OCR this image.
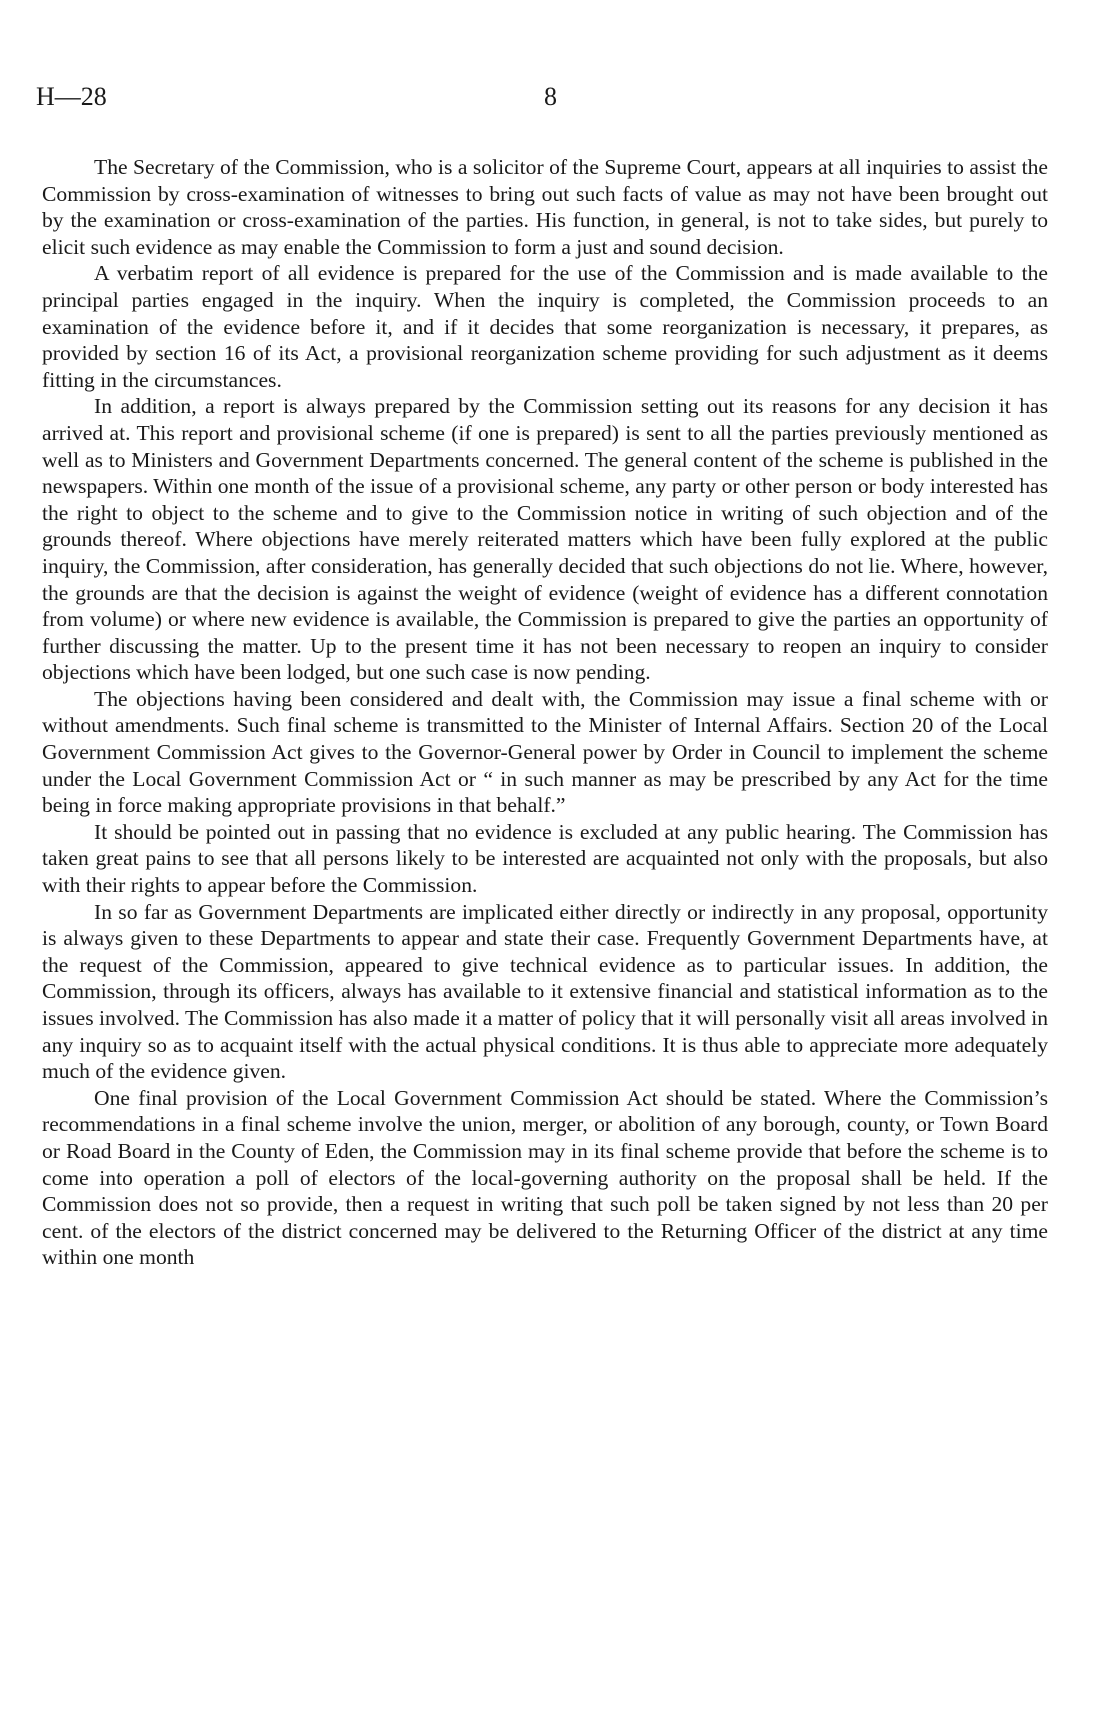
H—28	8

The Secretary of the Commission, who is a solicitor of the Supreme Court, appears at all inquiries to assist the Commission by cross-examination of witnesses to bring out such facts of value as may not have been brought out by the examination or cross-examination of the parties. His function, in general, is not to take sides, but purely to elicit such evidence as may enable the Commission to form a just and sound decision.

A verbatim report of all evidence is prepared for the use of the Commission and is made available to the principal parties engaged in the inquiry. When the inquiry is completed, the Commission proceeds to an examination of the evidence before it, and if it decides that some reorganization is necessary, it prepares, as provided by section 16 of its Act, a provisional reorganization scheme providing for such adjustment as it deems fitting in the circumstances.

In addition, a report is always prepared by the Commission setting out its reasons for any decision it has arrived at. This report and provisional scheme (if one is prepared) is sent to all the parties previously mentioned as well as to Ministers and Government Departments concerned. The general content of the scheme is published in the newspapers. Within one month of the issue of a provisional scheme, any party or other person or body interested has the right to object to the scheme and to give to the Commission notice in writing of such objection and of the grounds thereof. Where objections have merely reiterated matters which have been fully explored at the public inquiry, the Commission, after consideration, has generally decided that such objections do not lie. Where, however, the grounds are that the decision is against the weight of evidence (weight of evidence has a different connotation from volume) or where new evidence is available, the Commission is prepared to give the parties an opportunity of further discussing the matter. Up to the present time it has not been necessary to reopen an inquiry to consider objections which have been lodged, but one such case is now pending.

The objections having been considered and dealt with, the Commission may issue a final scheme with or without amendments. Such final scheme is transmitted to the Minister of Internal Affairs. Section 20 of the Local Government Commission Act gives to the Governor-General power by Order in Council to implement the scheme under the Local Government Commission Act or “ in such manner as may be prescribed by any Act for the time being in force making appropriate provisions in that behalf.”

It should be pointed out in passing that no evidence is excluded at any public hearing. The Commission has taken great pains to see that all persons likely to be interested are acquainted not only with the proposals, but also with their rights to appear before the Commission.

In so far as Government Departments are implicated either directly or indirectly in any proposal, opportunity is always given to these Departments to appear and state their case. Frequently Government Departments have, at the request of the Commission, appeared to give technical evidence as to particular issues. In addition, the Commission, through its officers, always has available to it extensive financial and statistical information as to the issues involved. The Commission has also made it a matter of policy that it will personally visit all areas involved in any inquiry so as to acquaint itself with the actual physical conditions. It is thus able to appreciate more adequately much of the evidence given.

One final provision of the Local Government Commission Act should be stated. Where the Commission’s recommendations in a final scheme involve the union, merger, or abolition of any borough, county, or Town Board or Road Board in the County of Eden, the Commission may in its final scheme provide that before the scheme is to come into operation a poll of electors of the local-governing authority on the proposal shall be held. If the Commission does not so provide, then a request in writing that such poll be taken signed by not less than 20 per cent. of the electors of the district concerned may be delivered to the Returning Officer of the district at any time within one month
